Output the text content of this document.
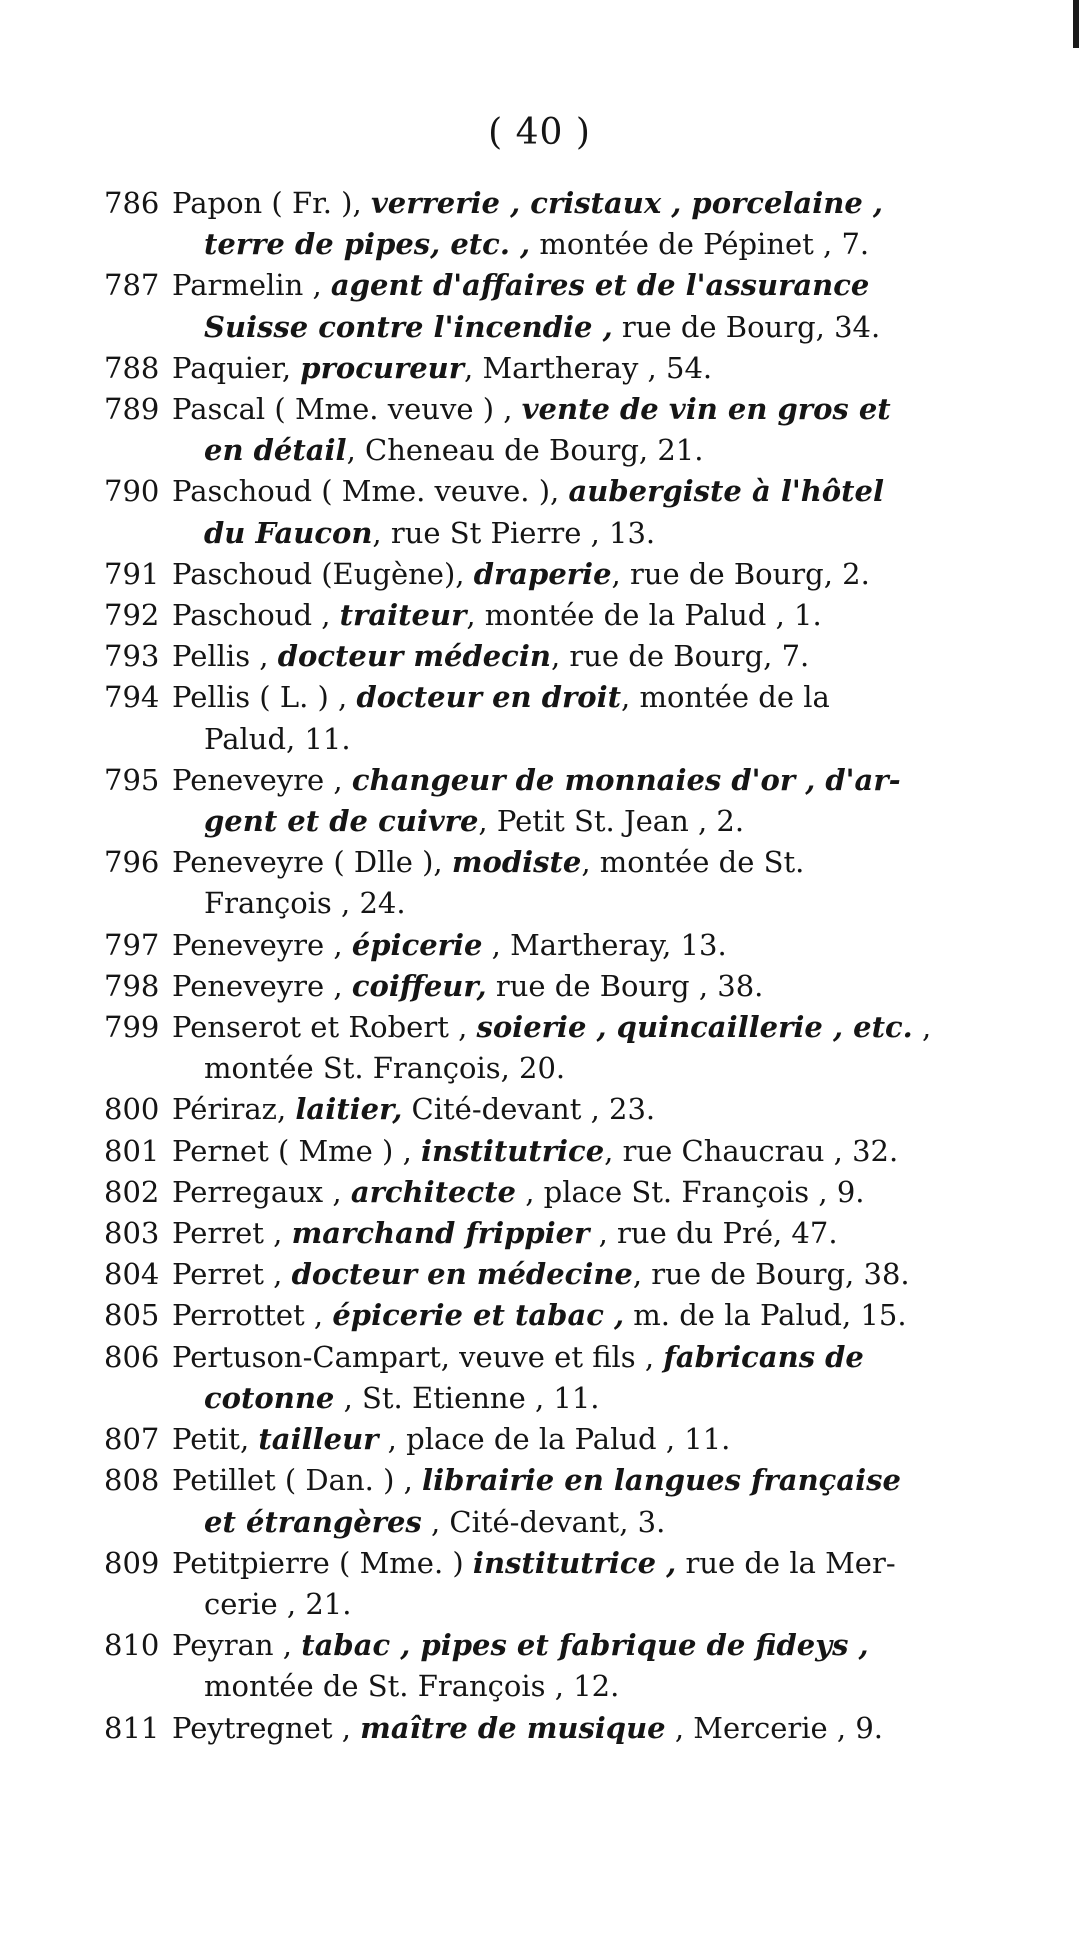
( 40 )
786 Papon ( Fr. ), verrerie , cristaux , porcelaine ,
terre de pipes, etc. , montée de Pépinet , 7.
787 Parmelin , agent d'affaires et de l'assurance
Suisse contre l'incendie , rue de Bourg, 34.
788 Paquier, procureur, Martheray , 54.
789 Pascal ( Mme. veuve ) , vente de vin en gros et
en détail, Cheneau de Bourg, 21.
790 Paschoud ( Mme. veuve. ), aubergiste à l'hôtel
du Faucon, rue St Pierre , 13.
791 Paschoud (Eugène), draperie, rue de Bourg, 2.
792 Paschoud , traiteur, montée de la Palud , 1.
793 Pellis , docteur médecin, rue de Bourg, 7.
794 Pellis ( L. ) , docteur en droit, montée de la
Palud, 11.
795 Peneveyre , changeur de monnaies d'or , d'ar-
gent et de cuivre, Petit St. Jean , 2.
796 Peneveyre ( Dlle ), modiste, montée de St.
François , 24.
797 Peneveyre , épicerie , Martheray, 13.
798 Peneveyre , coiffeur, rue de Bourg , 38.
799 Penserot et Robert , soierie , quincaillerie , etc. ,
montée St. François, 20.
800 Périraz, laitier, Cité-devant , 23.
801 Pernet ( Mme ) , institutrice, rue Chaucrau , 32.
802 Perregaux , architecte , place St. François , 9.
803 Perret , marchand frippier , rue du Pré, 47.
804 Perret , docteur en médecine, rue de Bourg, 38.
805 Perrottet , épicerie et tabac , m. de la Palud, 15.
806 Pertuson-Campart, veuve et fils , fabricans de
cotonne , St. Etienne , 11.
807 Petit, tailleur , place de la Palud , 11.
808 Petillet ( Dan. ) , librairie en langues française
et étrangères , Cité-devant, 3.
809 Petitpierre ( Mme. ) institutrice , rue de la Mer-
cerie , 21.
810 Peyran , tabac , pipes et fabrique de fideys ,
montée de St. François , 12.
811 Peytregnet , maître de musique , Mercerie , 9.
